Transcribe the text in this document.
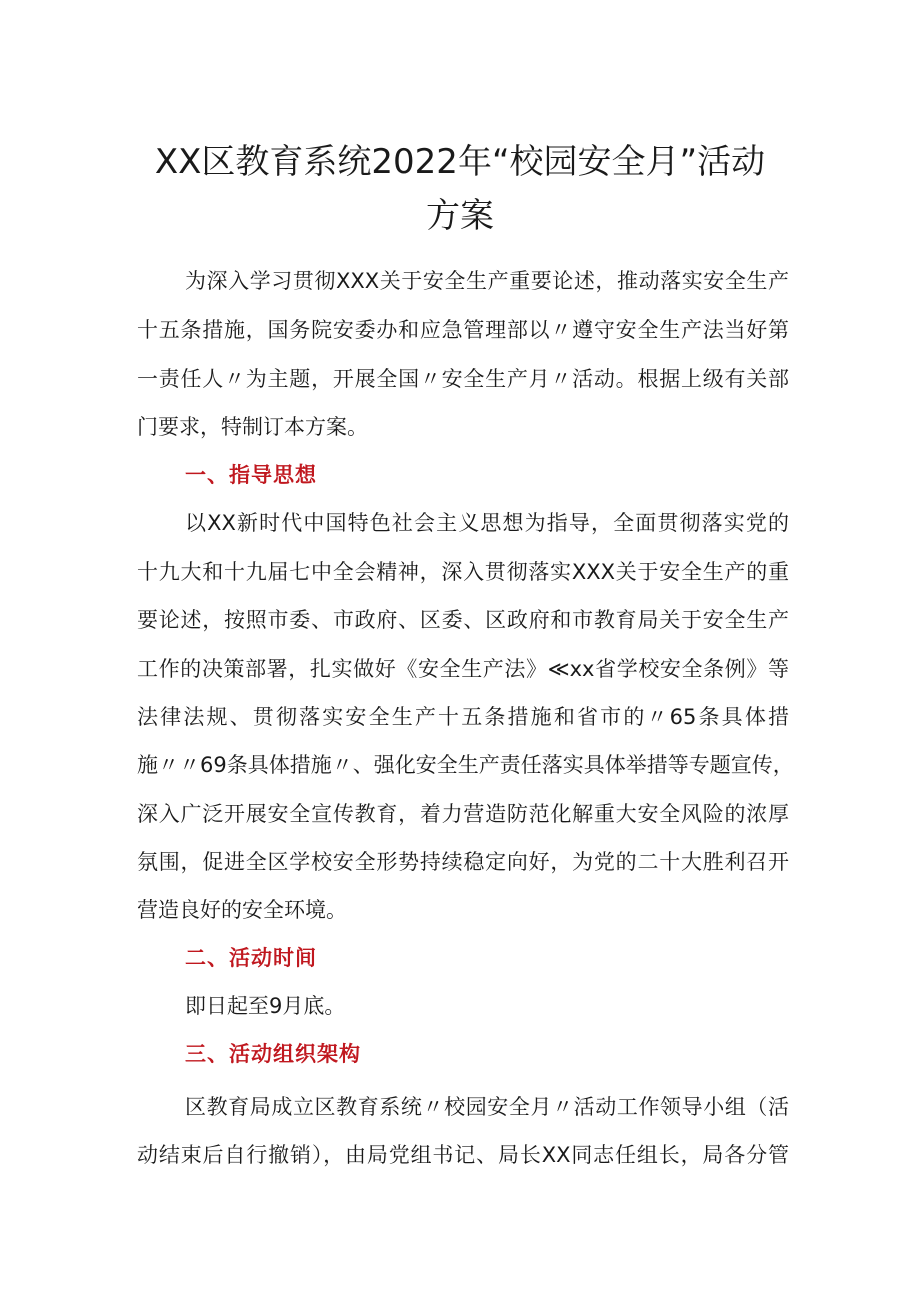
XX区教育系统2022年“校园安全月”活动
方案
为深入学习贯彻XXX关于安全生产重要论述，推动落实安全生产
十五条措施，国务院安委办和应急管理部以〃遵守安全生产法当好第
一责任人〃为主题，开展全国〃安全生产月〃活动。根据上级有关部
门要求，特制订本方案。
一、指导思想
以XX新时代中国特色社会主义思想为指导，全面贯彻落实党的
十九大和十九届七中全会精神，深入贯彻落实XXX关于安全生产的重
要论述，按照市委、市政府、区委、区政府和市教育局关于安全生产
工作的决策部署，扎实做好《安全生产法》≪xx省学校安全条例》等
法律法规、贯彻落实安全生产十五条措施和省市的〃65条具体措
施〃〃69条具体措施〃、强化安全生产责任落实具体举措等专题宣传，
深入广泛开展安全宣传教育，着力营造防范化解重大安全风险的浓厚
氛围，促进全区学校安全形势持续稳定向好，为党的二十大胜利召开
营造良好的安全环境。
二、活动时间
即日起至9月底。
三、活动组织架构
区教育局成立区教育系统〃校园安全月〃活动工作领导小组（活
动结束后自行撤销），由局党组书记、局长XX同志任组长，局各分管
